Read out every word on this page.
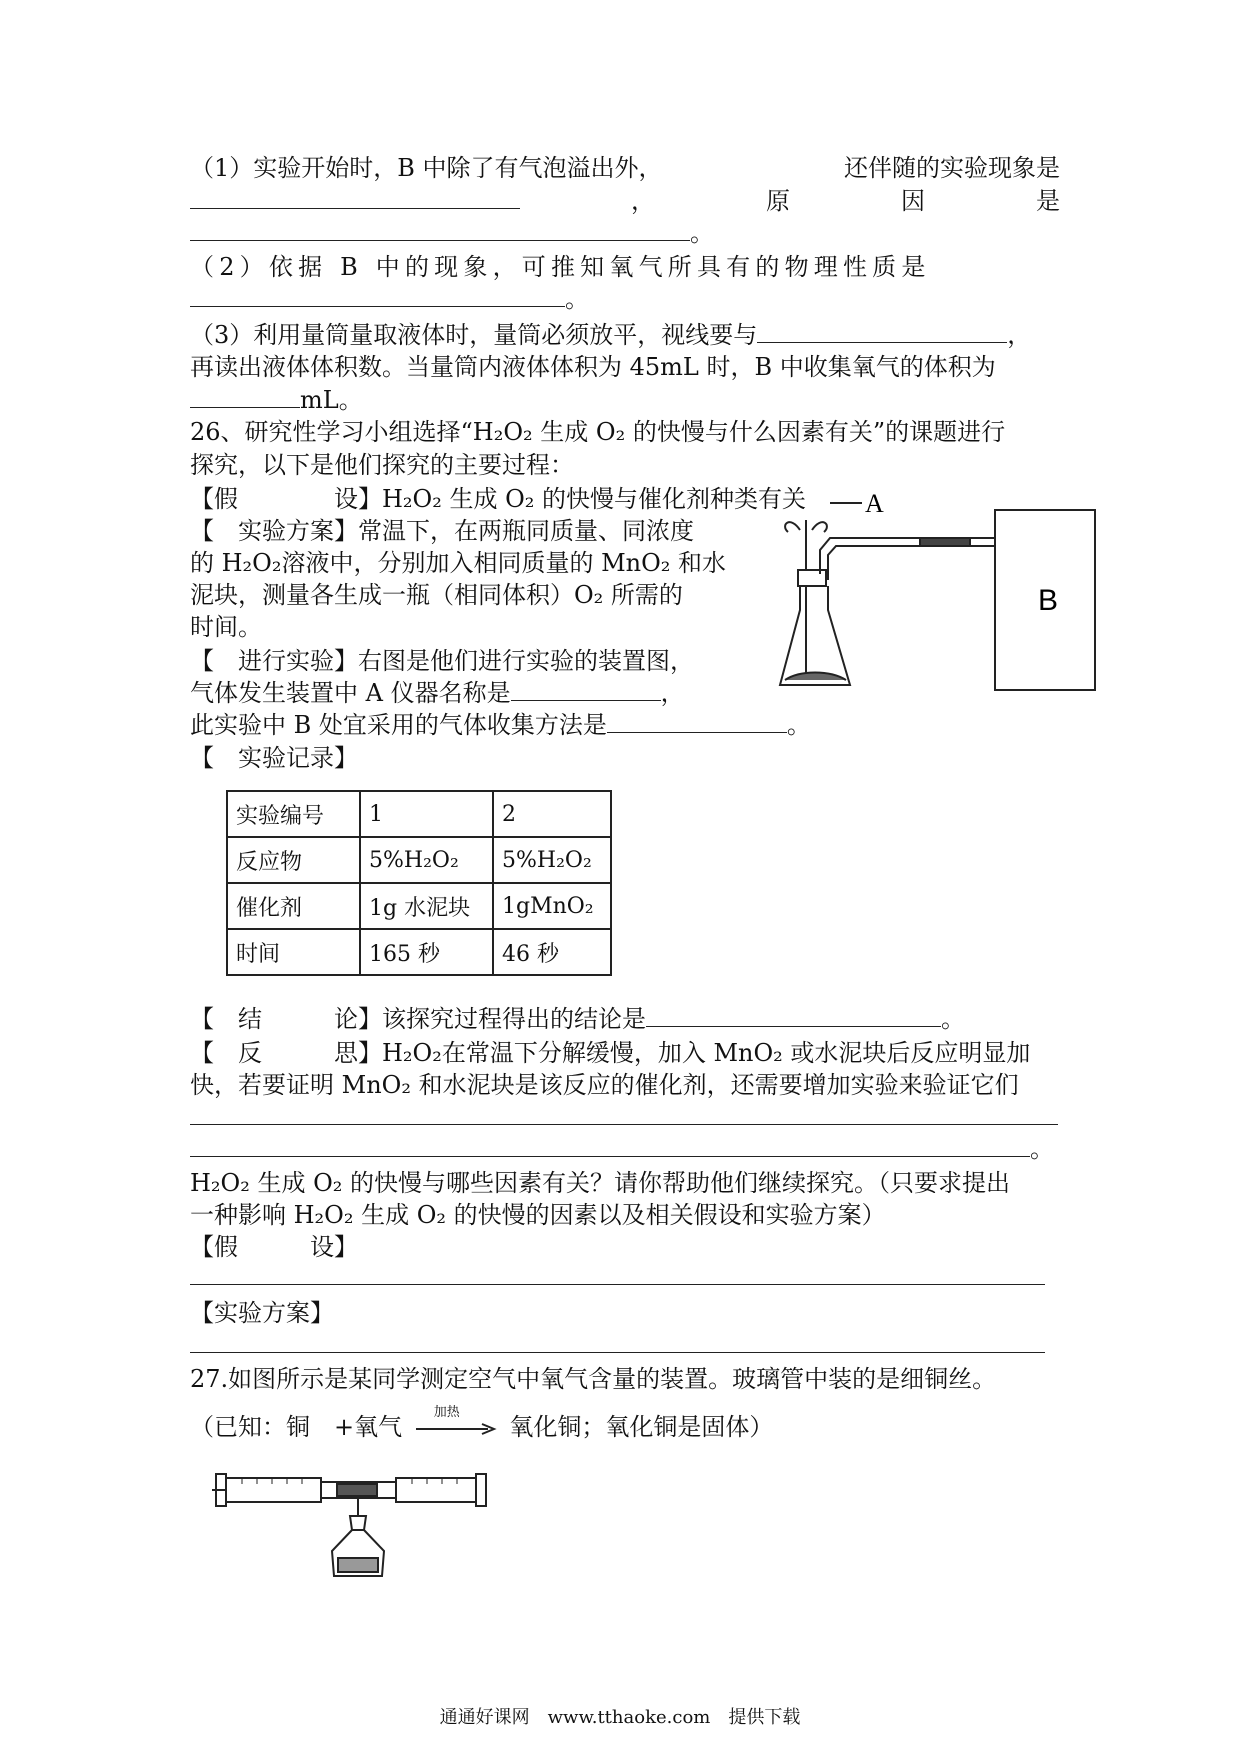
（1）实验开始时，B 中除了有气泡溢出外，	还伴随的实验现象是
，	原	因	是
。
（2）依据 B 中的现象，可推知氧气所具有的物理性质是
。
（3）利用量筒量取液体时，量筒必须放平，视线要与	，
再读出液体体积数。当量筒内液体体积为 45mL 时，B 中收集氧气的体积为
mL。
26、研究性学习小组选择“H₂O₂ 生成 O₂ 的快慢与什么因素有关”的课题进行
探究，以下是他们探究的主要过程：
【假　　　　设】H₂O₂ 生成 O₂ 的快慢与催化剂种类有关
【　实验方案】常温下，在两瓶同质量、同浓度
的 H₂O₂溶液中，分别加入相同质量的 MnO₂ 和水
泥块，测量各生成一瓶（相同体积）O₂ 所需的
时间。
【　进行实验】右图是他们进行实验的装置图，
气体发生装置中 A 仪器名称是	，
此实验中 B 处宜采用的气体收集方法是	。
【　实验记录】
A
B
实验编号	1	2
反应物	5%H₂O₂	5%H₂O₂
催化剂	1g 水泥块	1gMnO₂
时间	165 秒	46 秒
【　结　　　论】该探究过程得出的结论是	。
【　反　　　思】H₂O₂在常温下分解缓慢，加入 MnO₂ 或水泥块后反应明显加
快，若要证明 MnO₂ 和水泥块是该反应的催化剂，还需要增加实验来验证它们
。
H₂O₂ 生成 O₂ 的快慢与哪些因素有关？请你帮助他们继续探究。（只要求提出
一种影响 H₂O₂ 生成 O₂ 的快慢的因素以及相关假设和实验方案）
【假　　　设】
【实验方案】
27.如图所示是某同学测定空气中氧气含量的装置。玻璃管中装的是细铜丝。
（已知：铜　+氧气
加热
氧化铜；氧化铜是固体）
通通好课网　www.tthaoke.com　提供下载
